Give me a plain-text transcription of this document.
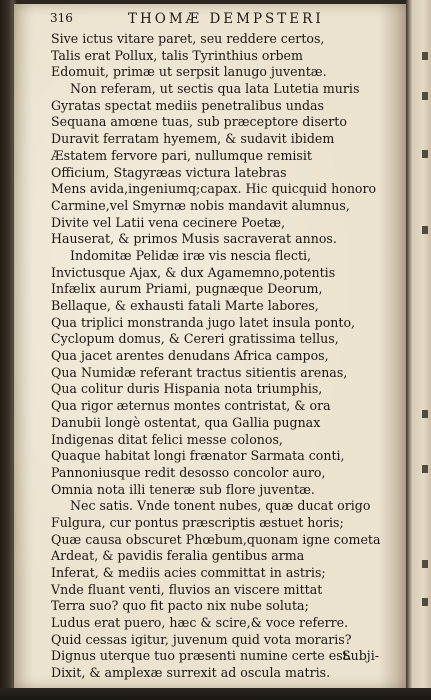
316	THOMÆ DEMPSTERI
Sive ictus vitare paret, seu reddere certos,
Talis erat Pollux, talis Tyrinthius orbem
Edomuit, primæ ut serpsit lanugo juventæ.
Non referam, ut sectis qua lata Lutetia muris
Gyratas spectat mediis penetralibus undas
Sequana amœne tuas, sub præceptore diserto
Duravit ferratam hyemem, & sudavit ibidem
Æstatem fervore pari, nullumque remisit
Officium, Stagyræas victura latebras
Mens avida,ingeniumq;capax. Hic quicquid honoro
Carmine,vel Smyrnæ nobis mandavit alumnus,
Divite vel Latii vena cecinere Poetæ,
Hauserat, & primos Musis sacraverat annos.
Indomitæ Pelidæ iræ vis nescia flecti,
Invictusque Ajax, & dux Agamemno,potentis
Infælix aurum Priami, pugnæque Deorum,
Bellaque, & exhausti fatali Marte labores,
Qua triplici monstranda jugo latet insula ponto,
Cyclopum domus, & Cereri gratissima tellus,
Qua jacet arentes denudans Africa campos,
Qua Numidæ referant tractus sitientis arenas,
Qua colitur duris Hispania nota triumphis,
Qua rigor æternus montes contristat, & ora
Danubii longè ostentat, qua Gallia pugnax
Indigenas ditat felici messe colonos,
Quaque habitat longi frænator Sarmata conti,
Pannoniusque redit desosso concolor auro,
Omnia nota illi teneræ sub flore juventæ.
Nec satis. Vnde tonent nubes, quæ ducat origo
Fulgura, cur pontus præscriptis æstuet horis;
Quæ causa obscuret Phœbum,quonam igne cometa
Ardeat, & pavidis feralia gentibus arma
Inferat, & mediis acies committat in astris;
Vnde fluant venti, fluvios an viscere mittat
Terra suo? quo fit pacto nix nube soluta;
Ludus erat puero, hæc & scire,& voce referre.
Quid cessas igitur, juvenum quid vota moraris?
Dignus uterque tuo præsenti numine certe est.
Dixit, & amplexæ surrexit ad oscula matris.
Subji-
